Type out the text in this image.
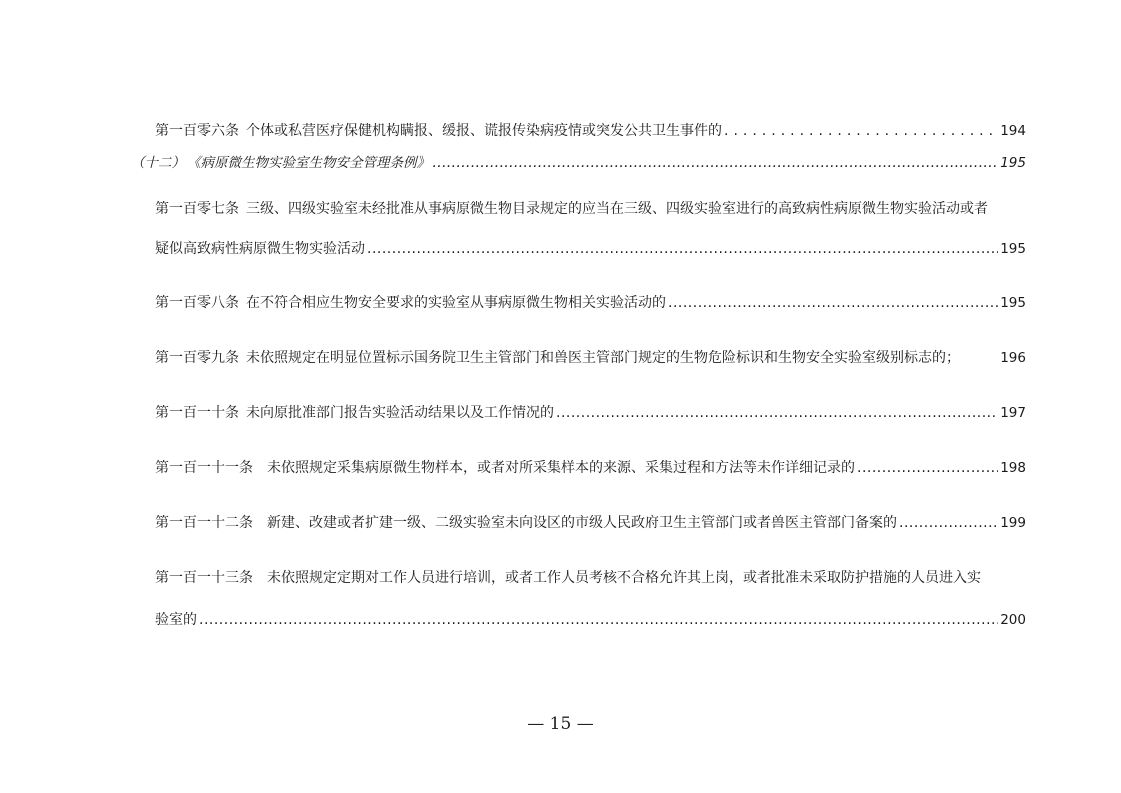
第一百零六条 个体或私营医疗保健机构瞒报、缓报、谎报传染病疫情或突发公共卫生事件的 .....	194
（十二） 《病原微生物实验室生物安全管理条例》 .....	195
第一百零七条 三级、四级实验室未经批准从事病原微生物目录规定的应当在三级、四级实验室进行的高致病性病原微生物实验活动或者
疑似高致病性病原微生物实验活动 .....	195
第一百零八条 在不符合相应生物安全要求的实验室从事病原微生物相关实验活动的 .....	195
第一百零九条 未依照规定在明显位置标示国务院卫生主管部门和兽医主管部门规定的生物危险标识和生物安全实验室级别标志的；	196
第一百一十条 未向原批准部门报告实验活动结果以及工作情况的 .....	197
第一百一十一条 未依照规定采集病原微生物样本，或者对所采集样本的来源、采集过程和方法等未作详细记录的 .....	198
第一百一十二条 新建、改建或者扩建一级、二级实验室未向设区的市级人民政府卫生主管部门或者兽医主管部门备案的 .....	199
第一百一十三条 未依照规定定期对工作人员进行培训，或者工作人员考核不合格允许其上岗，或者批准未采取防护措施的人员进入实
验室的 .....	200
— 15 —
